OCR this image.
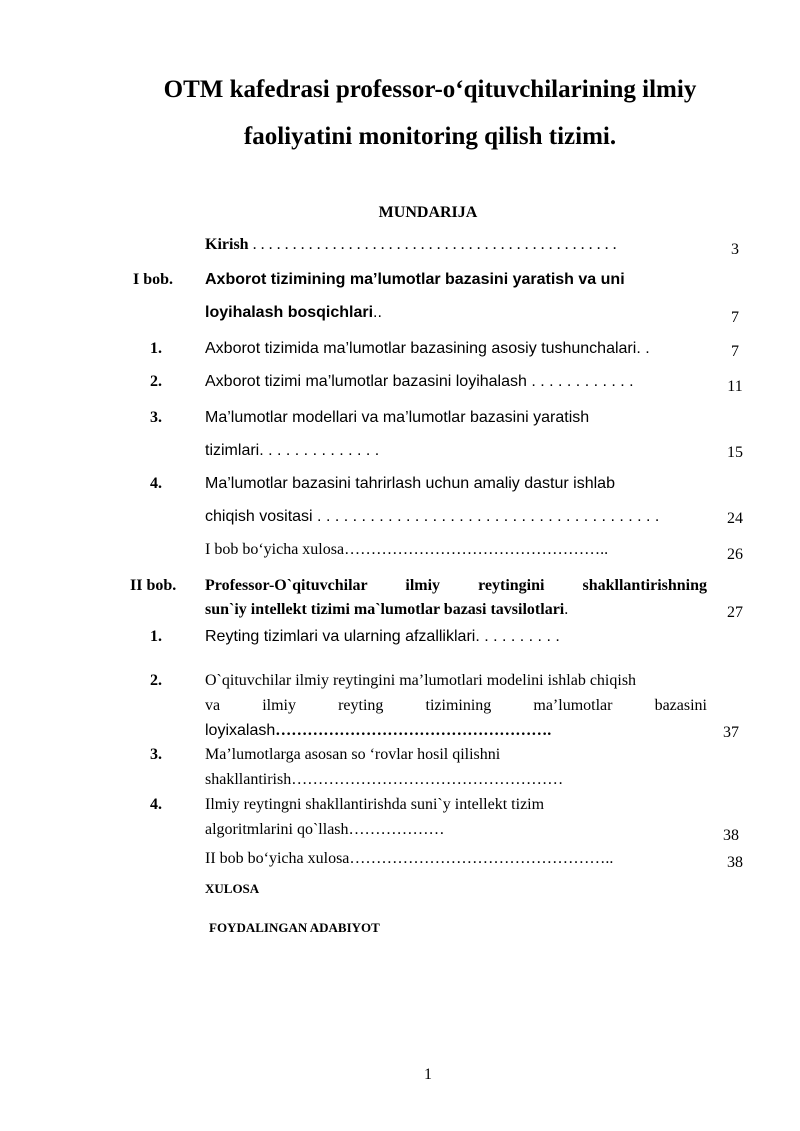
OTM kafedrasi professor-o‘qituvchilarining ilmiy
faoliyatini monitoring qilish tizimi.
MUNDARIJA
Kirish . . . . . . . . . . . . . . . . . . . . . . . . . . . . . . . . . . . . . . . . . . . . . .	3
I bob. Axborot tizimining ma’lumotlar bazasini yaratish va uni
loyihalash bosqichlari..	7
1.	Axborot tizimida ma’lumotlar bazasining asosiy tushunchalari. .	7
2.	Axborot tizimi ma’lumotlar bazasini loyihalash . . . . . . . . . . . .	11
3.	Ma’lumotlar modellari va ma’lumotlar bazasini yaratish
tizimlari. . . . . . . . . . . . . .	15
4.	Ma’lumotlar bazasini tahrirlash uchun amaliy dastur ishlab
chiqish vositasi . . . . . . . . . . . . . . . . . . . . . . . . . . . . . . . . . . . . . . .	24
I bob bo‘yicha xulosa…………………………………………..	26
II bob. Professor-O`qituvchilar ilmiy reytingini shakllantirishning
sun`iy intellekt tizimi ma`lumotlar bazasi tavsilotlari.	27
1.	Reyting tizimlari va ularning afzalliklari. . . . . . . . . .
2.	O`qituvchilar ilmiy reytingini ma’lumotlari modelini ishlab chiqish
va ilmiy reyting tizimining ma’lumotlar bazasini
loyixalash…………………………………………….	37
3.	Ma’lumotlarga asosan so ‘rovlar hosil qilishni
shakllantirish……………………………………………
4.	Ilmiy reytingni shakllantirishda suni`y intellekt tizim
algoritmlarini qo`llash………………	38
II bob bo‘yicha xulosa…………………………………………..	38
XULOSA
FOYDALINGAN ADABIYOT
1
